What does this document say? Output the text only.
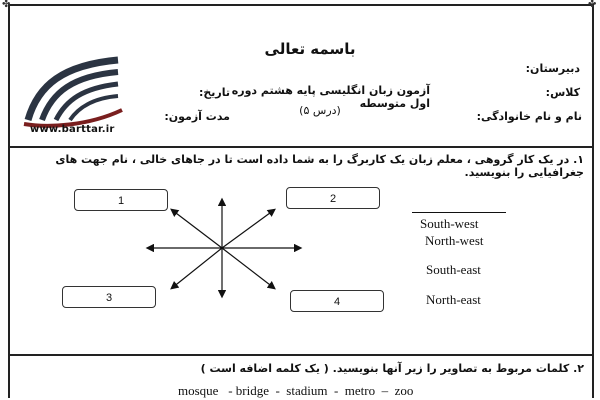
✤	✤
باسمه تعالی
دبیرستان:
کلاس:
تاریخ: آزمون زبان انگلیسی پایه هشتم دوره اول متوسطه
(درس ۵)	نام و نام خانوادگی:
مدت آزمون:
www.barttar.ir
۱. در یک کار گروهی ، معلم زبان یک کاربرگ را به شما داده است تا در جاهای خالی ، نام جهت های جغرافیایی را بنویسید.
1	2
3	4
South-west
North-west
South-east
North-east
۲. کلمات مربوط به تصاویر را زیر آنها بنویسید. ( یک کلمه اضافه است )
mosque   - bridge  -  stadium  -  metro  –  zoo
